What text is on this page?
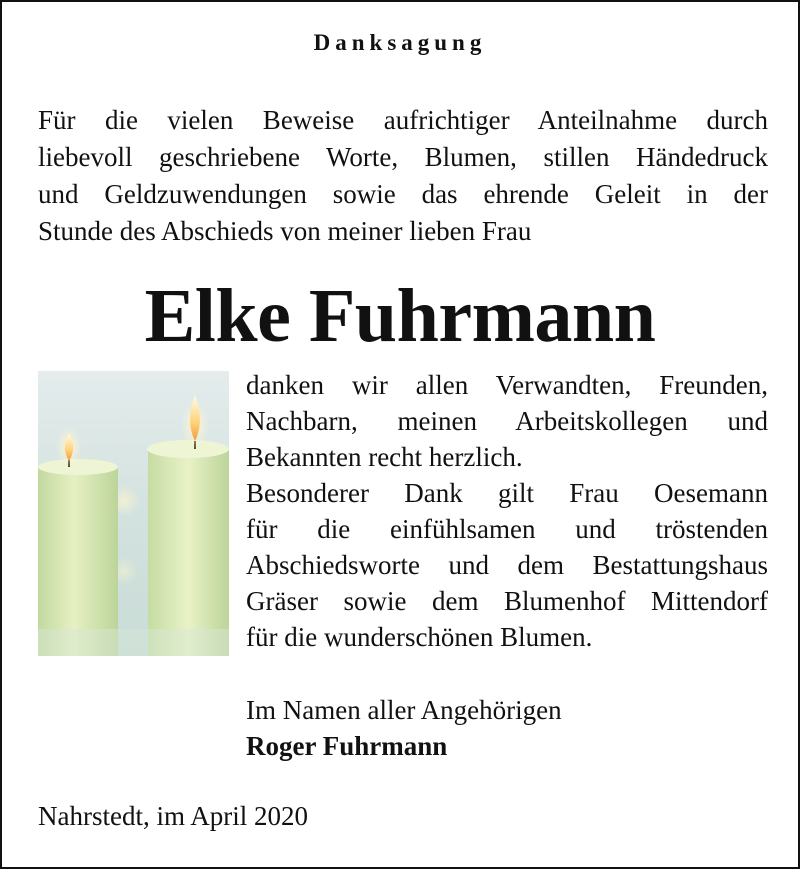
Danksagung
Für die vielen Beweise aufrichtiger Anteilnahme durch
liebevoll geschriebene Worte, Blumen, stillen Händedruck
und Geldzuwendungen sowie das ehrende Geleit in der
Stunde des Abschieds von meiner lieben Frau
Elke Fuhrmann
danken wir allen Verwandten, Freunden,
Nachbarn, meinen Arbeitskollegen und
Bekannten recht herzlich.
Besonderer Dank gilt Frau Oesemann
für die einfühlsamen und tröstenden
Abschiedsworte und dem Bestattungshaus
Gräser sowie dem Blumenhof Mittendorf
für die wunderschönen Blumen.
Im Namen aller Angehörigen
Roger Fuhrmann
Nahrstedt, im April 2020
